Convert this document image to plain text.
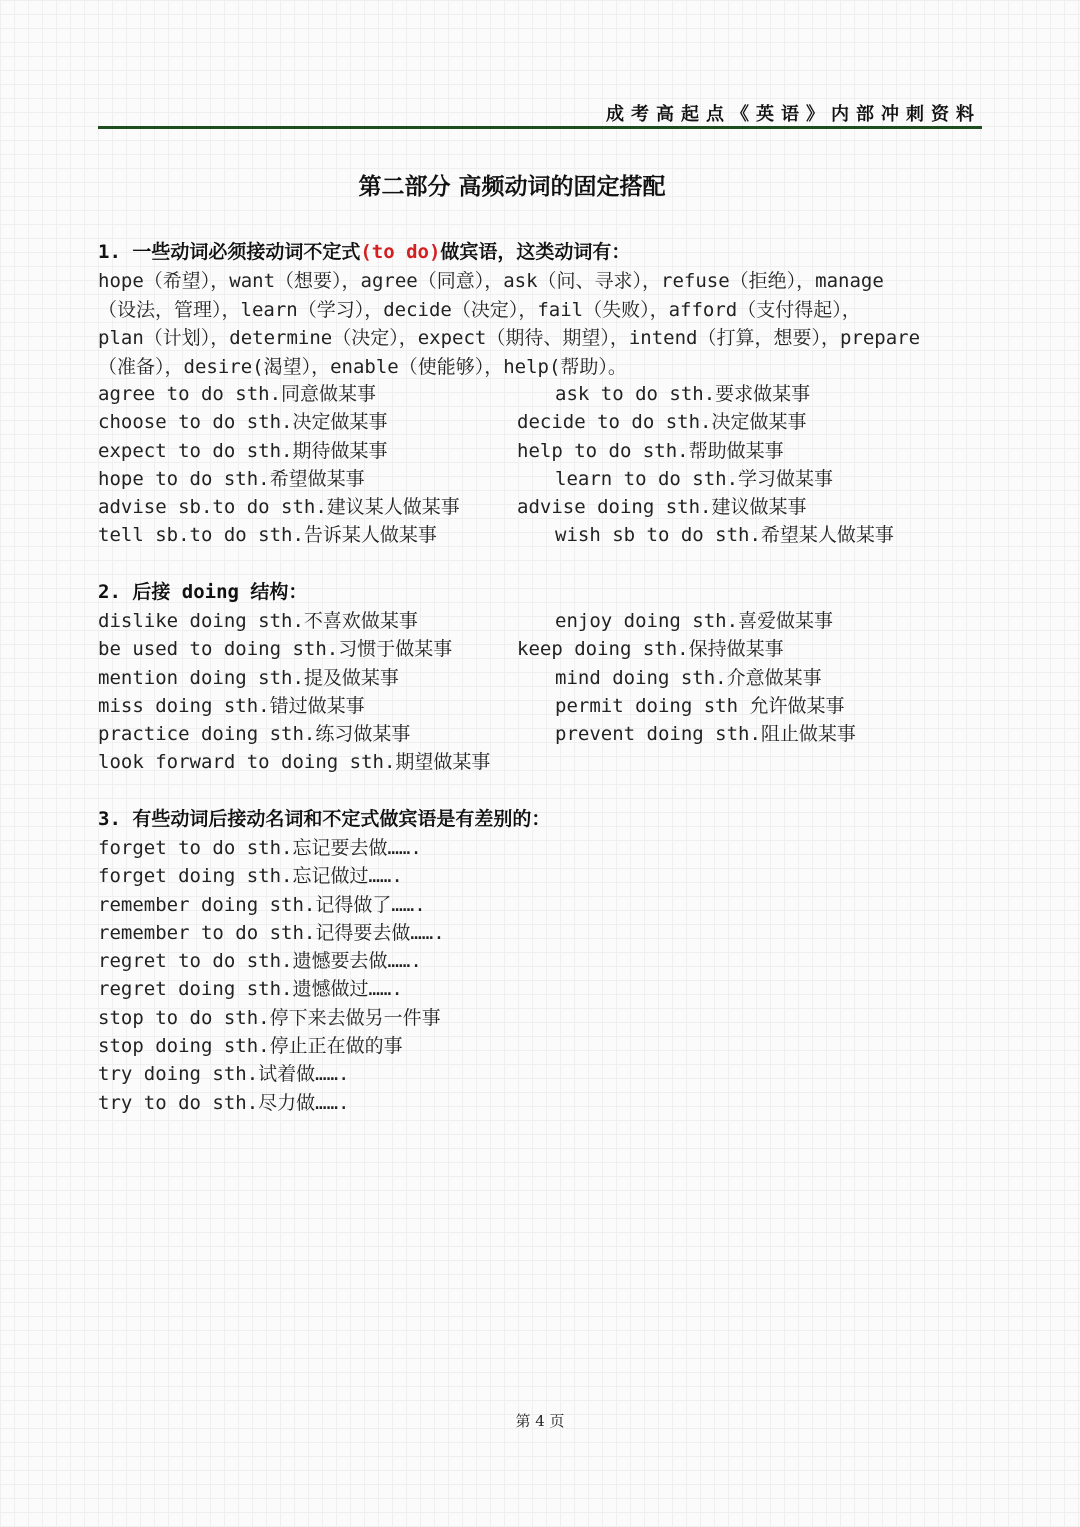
成考高起点《英语》内部冲刺资料
第二部分 高频动词的固定搭配
1. 一些动词必须接动词不定式(to do)做宾语，这类动词有：
hope（希望），want（想要），agree（同意），ask（问、寻求），refuse（拒绝），manage
（设法，管理），learn（学习），decide（决定），fail（失败），afford（支付得起），
plan（计划），determine（决定），expect（期待、期望），intend（打算，想要），prepare
（准备），desire(渴望），enable（使能够），help(帮助）。
agree to do sth.同意做某事
choose to do sth.决定做某事
expect to do sth.期待做某事
hope to do sth.希望做某事
advise sb.to do sth.建议某人做某事
tell sb.to do sth.告诉某人做某事
ask to do sth.要求做某事
decide to do sth.决定做某事
help to do sth.帮助做某事
learn to do sth.学习做某事
advise doing sth.建议做某事
wish sb to do sth.希望某人做某事
2. 后接 doing 结构：
dislike doing sth.不喜欢做某事
be used to doing sth.习惯于做某事
mention doing sth.提及做某事
miss doing sth.错过做某事
practice doing sth.练习做某事
look forward to doing sth.期望做某事
enjoy doing sth.喜爱做某事
keep doing sth.保持做某事
mind doing sth.介意做某事
permit doing sth 允许做某事
prevent doing sth.阻止做某事
3. 有些动词后接动名词和不定式做宾语是有差别的：
forget to do sth.忘记要去做…….
forget doing sth.忘记做过…….
remember doing sth.记得做了…….
remember to do sth.记得要去做…….
regret to do sth.遗憾要去做…….
regret doing sth.遗憾做过…….
stop to do sth.停下来去做另一件事
stop doing sth.停止正在做的事
try doing sth.试着做…….
try to do sth.尽力做…….
第 4 页
